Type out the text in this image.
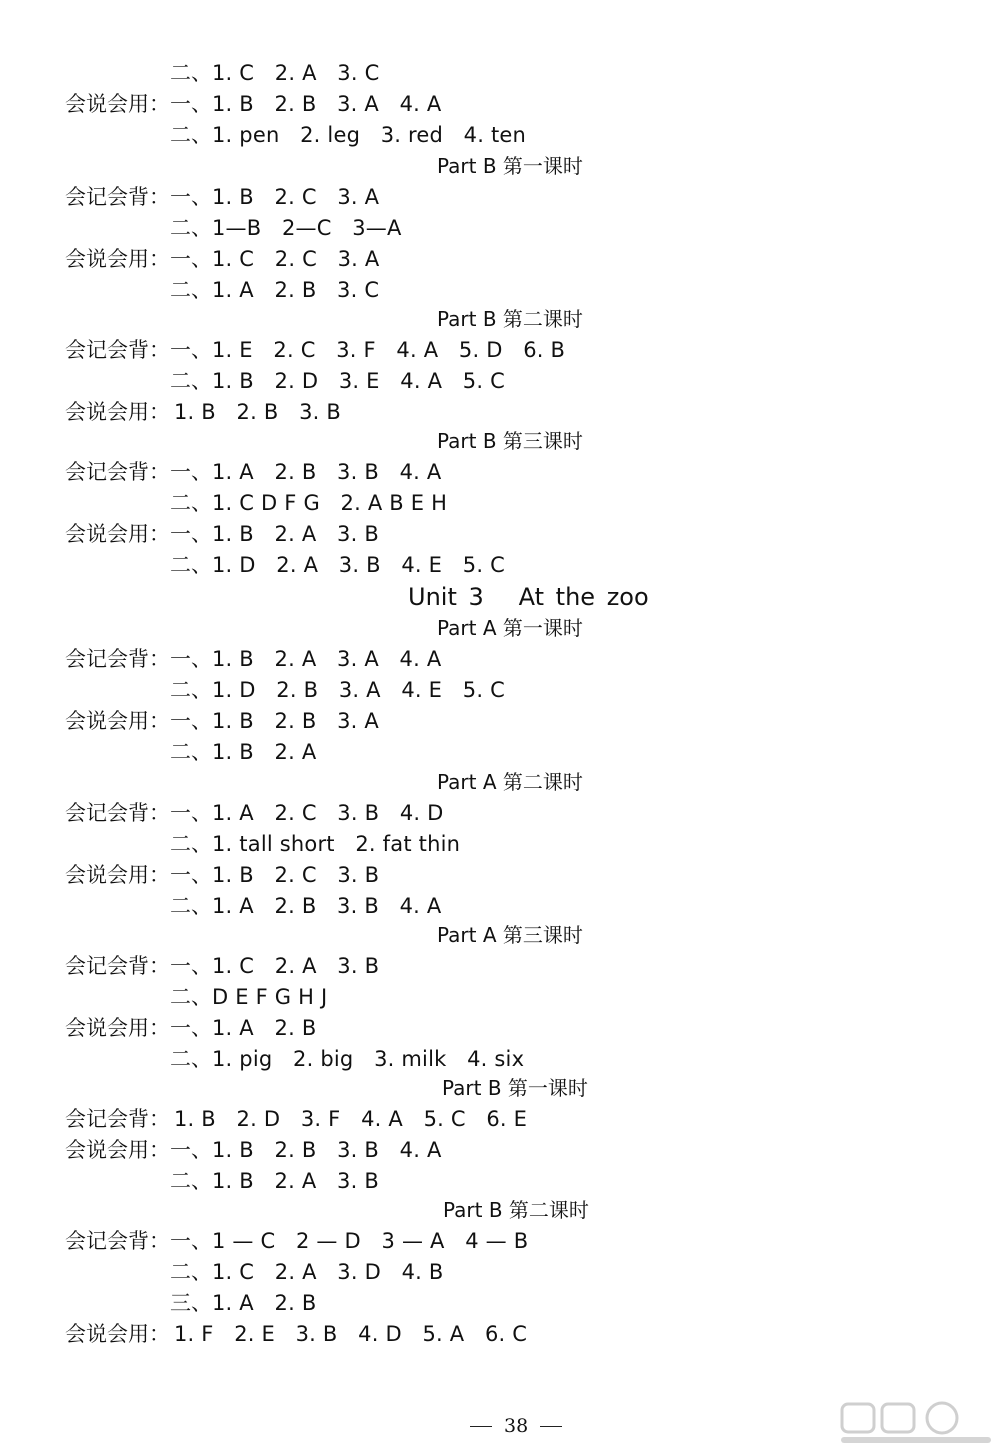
二、1. C   2. A   3. C
会说会用： 一、1. B   2. B   3. A   4. A
二、1. pen   2. leg   3. red   4. ten
Part B 第一课时
会记会背： 一、1. B   2. C   3. A
二、1—B   2—C   3—A
会说会用： 一、1. C   2. C   3. A
二、1. A   2. B   3. C
Part B 第二课时
会记会背： 一、1. E   2. C   3. F   4. A   5. D   6. B
二、1. B   2. D   3. E   4. A   5. C
会说会用： 1. B   2. B   3. B
Part B 第三课时
会记会背： 一、1. A   2. B   3. B   4. A
二、1. C D F G   2. A B E H
会说会用： 一、1. B   2. A   3. B
二、1. D   2. A   3. B   4. E   5. C
Unit 3   At the zoo
Part A 第一课时
会记会背： 一、1. B   2. A   3. A   4. A
二、1. D   2. B   3. A   4. E   5. C
会说会用： 一、1. B   2. B   3. A
二、1. B   2. A
Part A 第二课时
会记会背： 一、1. A   2. C   3. B   4. D
二、1. tall short   2. fat thin
会说会用： 一、1. B   2. C   3. B
二、1. A   2. B   3. B   4. A
Part A 第三课时
会记会背： 一、1. C   2. A   3. B
二、D E F G H J
会说会用： 一、1. A   2. B
二、1. pig   2. big   3. milk   4. six
Part B 第一课时
会记会背： 1. B   2. D   3. F   4. A   5. C   6. E
会说会用： 一、1. B   2. B   3. B   4. A
二、1. B   2. A   3. B
Part B 第二课时
会记会背： 一、1 — C   2 — D   3 — A   4 — B
二、1. C   2. A   3. D   4. B
三、1. A   2. B
会说会用： 1. F   2. E   3. B   4. D   5. A   6. C
38
